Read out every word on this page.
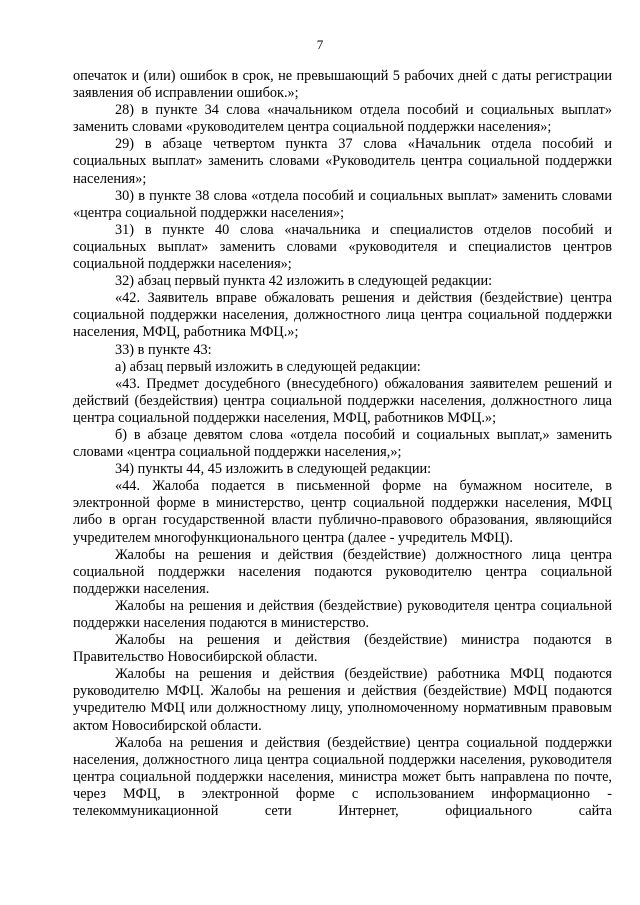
7

опечаток и (или) ошибок в срок, не превышающий 5 рабочих дней с даты регистрации заявления об исправлении ошибок.»;

28) в пункте 34 слова «начальником отдела пособий и социальных выплат» заменить словами «руководителем центра социальной поддержки населения»;

29) в абзаце четвертом пункта 37 слова «Начальник отдела пособий и социальных выплат» заменить словами «Руководитель центра социальной поддержки населения»;

30) в пункте 38 слова «отдела пособий и социальных выплат» заменить словами «центра социальной поддержки населения»;

31) в пункте 40 слова «начальника и специалистов отделов пособий и социальных выплат» заменить словами «руководителя и специалистов центров социальной поддержки населения»;

32) абзац первый пункта 42 изложить в следующей редакции:

«42. Заявитель вправе обжаловать решения и действия (бездействие) центра социальной поддержки населения, должностного лица центра социальной поддержки населения, МФЦ, работника МФЦ.»;

33) в пункте 43:

а) абзац первый изложить в следующей редакции:

«43. Предмет досудебного (внесудебного) обжалования заявителем решений и действий (бездействия) центра социальной поддержки населения, должностного лица центра социальной поддержки населения, МФЦ, работников МФЦ.»;

б) в абзаце девятом слова «отдела пособий и социальных выплат,» заменить словами «центра социальной поддержки населения,»;

34) пункты 44, 45 изложить в следующей редакции:

«44. Жалоба подается в письменной форме на бумажном носителе, в электронной форме в министерство, центр социальной поддержки населения, МФЦ либо в орган государственной власти публично-правового образования, являющийся учредителем многофункционального центра (далее - учредитель МФЦ).

Жалобы на решения и действия (бездействие) должностного лица центра социальной поддержки населения подаются руководителю центра социальной поддержки населения.

Жалобы на решения и действия (бездействие) руководителя центра социальной поддержки населения подаются в министерство.

Жалобы на решения и действия (бездействие) министра подаются в Правительство Новосибирской области.

Жалобы на решения и действия (бездействие) работника МФЦ подаются руководителю МФЦ. Жалобы на решения и действия (бездействие) МФЦ подаются учредителю МФЦ или должностному лицу, уполномоченному нормативным правовым актом Новосибирской области.

Жалоба на решения и действия (бездействие) центра социальной поддержки населения, должностного лица центра социальной поддержки населения, руководителя центра социальной поддержки населения, министра может быть направлена по почте, через МФЦ, в электронной форме с использованием информационно - телекоммуникационной сети Интернет, официального сайта
